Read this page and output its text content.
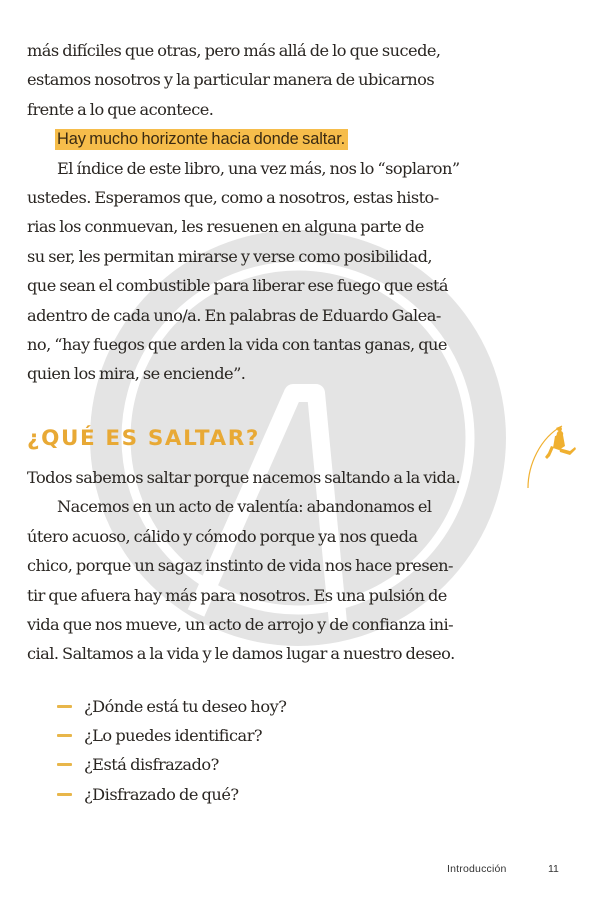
más difíciles que otras, pero más allá de lo que sucede,
estamos nosotros y la particular manera de ubicarnos
frente a lo que acontece.
Hay mucho horizonte hacia donde saltar.
El índice de este libro, una vez más, nos lo “soplaron”
ustedes. Esperamos que, como a nosotros, estas histo-
rias los conmuevan, les resuenen en alguna parte de
su ser, les permitan mirarse y verse como posibilidad,
que sean el combustible para liberar ese fuego que está
adentro de cada uno/a. En palabras de Eduardo Galea-
no, “hay fuegos que arden la vida con tantas ganas, que
quien los mira, se enciende”.
¿QUÉ ES SALTAR?
Todos sabemos saltar porque nacemos saltando a la vida.
Nacemos en un acto de valentía: abandonamos el
útero acuoso, cálido y cómodo porque ya nos queda
chico, porque un sagaz instinto de vida nos hace presen-
tir que afuera hay más para nosotros. Es una pulsión de
vida que nos mueve, un acto de arrojo y de confianza ini-
cial. Saltamos a la vida y le damos lugar a nuestro deseo.
¿Dónde está tu deseo hoy?
¿Lo puedes identificar?
¿Está disfrazado?
¿Disfrazado de qué?
Introducción	11
